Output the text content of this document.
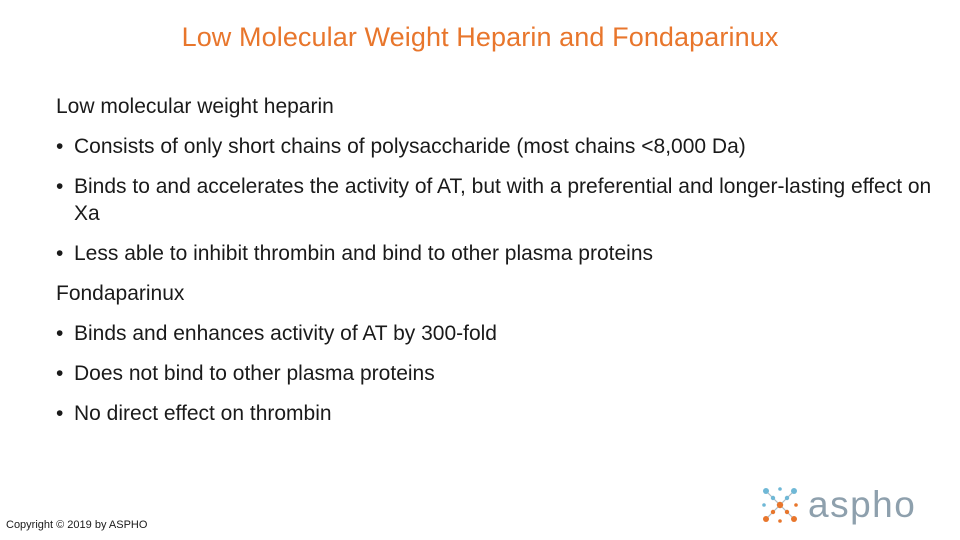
Low Molecular Weight Heparin and Fondaparinux
Low molecular weight heparin
• Consists of only short chains of polysaccharide (most chains <8,000 Da)
• Binds to and accelerates the activity of AT, but with a preferential and longer-lasting effect on Xa
• Less able to inhibit thrombin and bind to other plasma proteins
Fondaparinux
• Binds and enhances activity of AT by 300-fold
• Does not bind to other plasma proteins
• No direct effect on thrombin
Copyright © 2019 by ASPHO	aspho
